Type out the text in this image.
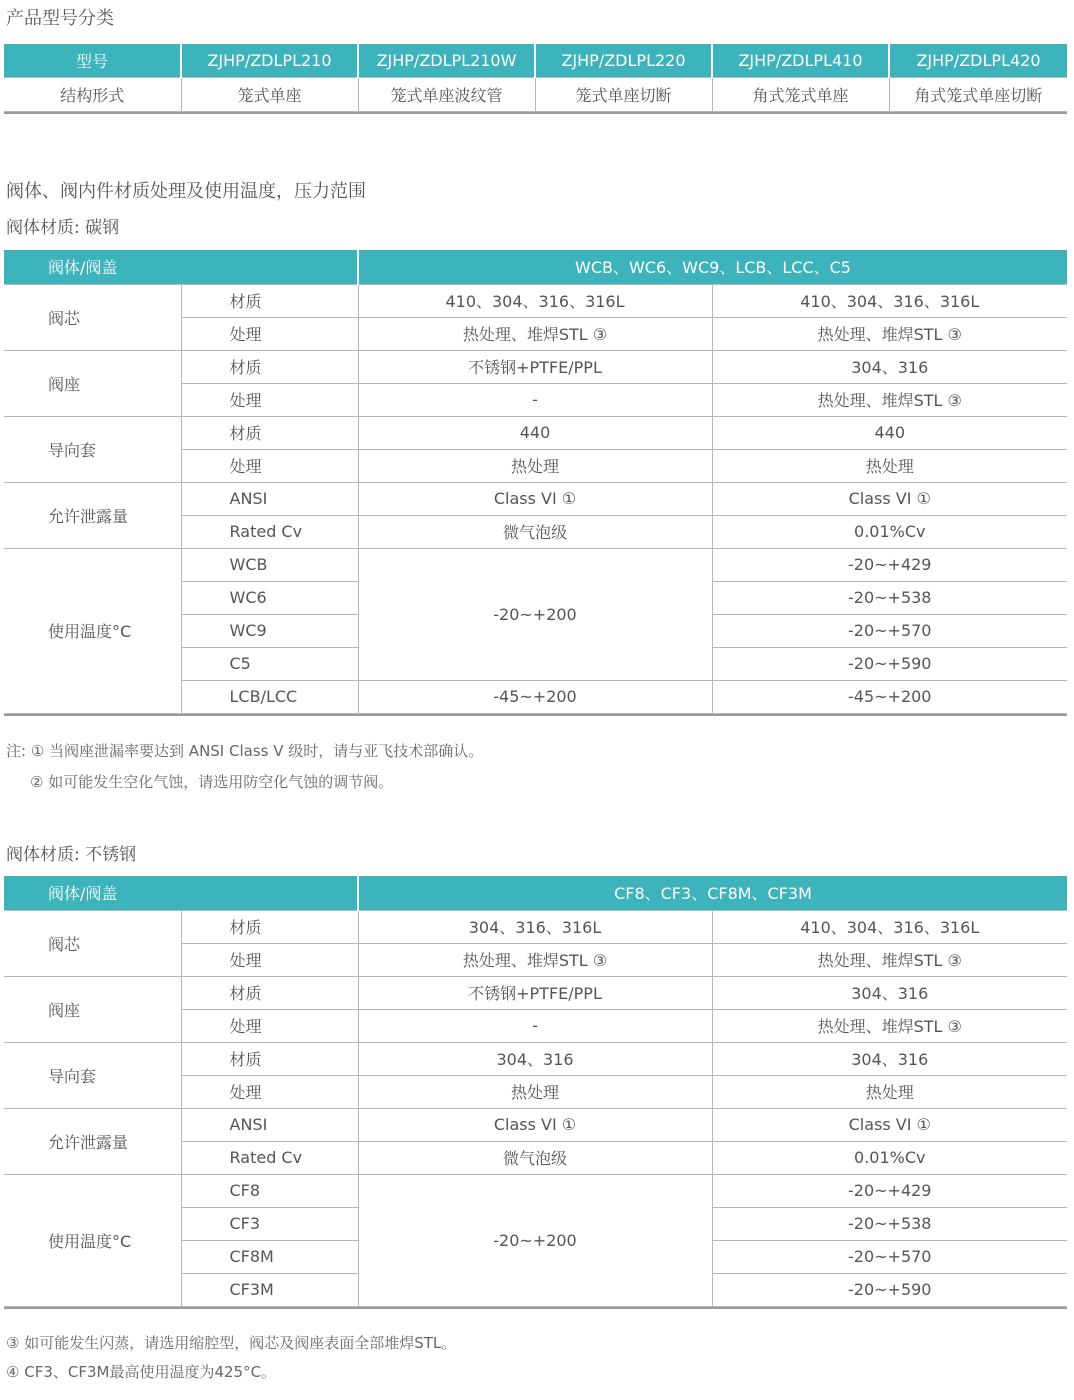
产品型号分类
型号	ZJHP/ZDLPL210	ZJHP/ZDLPL210W	ZJHP/ZDLPL220	ZJHP/ZDLPL410	ZJHP/ZDLPL420
结构形式	笼式单座	笼式单座波纹管	笼式单座切断	角式笼式单座	角式笼式单座切断
阀体、阀内件材质处理及使用温度，压力范围
阀体材质: 碳钢
阀体/阀盖		WCB、WC6、WC9、LCB、LCC、C5	
阀芯	材质	410、304、316、316L	410、304、316、316L
	处理	热处理、堆焊STL ③	热处理、堆焊STL ③
阀座	材质	不锈钢+PTFE/PPL	304、316
	处理	-	热处理、堆焊STL ③
导向套	材质	440	440
	处理	热处理	热处理
允许泄露量	ANSI	Class VI ①	Class VI ①
	Rated Cv	微气泡级	0.01%Cv
使用温度°C	WCB	-20~+200	-20~+429
	WC6		-20~+538
	WC9		-20~+570
	C5		-20~+590
	LCB/LCC	-45~+200	-45~+200
注: ① 当阀座泄漏率要达到 ANSI Class V 级时，请与亚飞技术部确认。
② 如可能发生空化气蚀，请选用防空化气蚀的调节阀。
阀体材质: 不锈钢
阀体/阀盖		CF8、CF3、CF8M、CF3M	
阀芯	材质	304、316、316L	410、304、316、316L
	处理	热处理、堆焊STL ③	热处理、堆焊STL ③
阀座	材质	不锈钢+PTFE/PPL	304、316
	处理	-	热处理、堆焊STL ③
导向套	材质	304、316	304、316
	处理	热处理	热处理
允许泄露量	ANSI	Class VI ①	Class VI ①
	Rated Cv	微气泡级	0.01%Cv
使用温度°C	CF8	-20~+200	-20~+429
	CF3		-20~+538
	CF8M		-20~+570
	CF3M		-20~+590
③ 如可能发生闪蒸，请选用缩腔型，阀芯及阀座表面全部堆焊STL。
④ CF3、CF3M最高使用温度为425°C。
